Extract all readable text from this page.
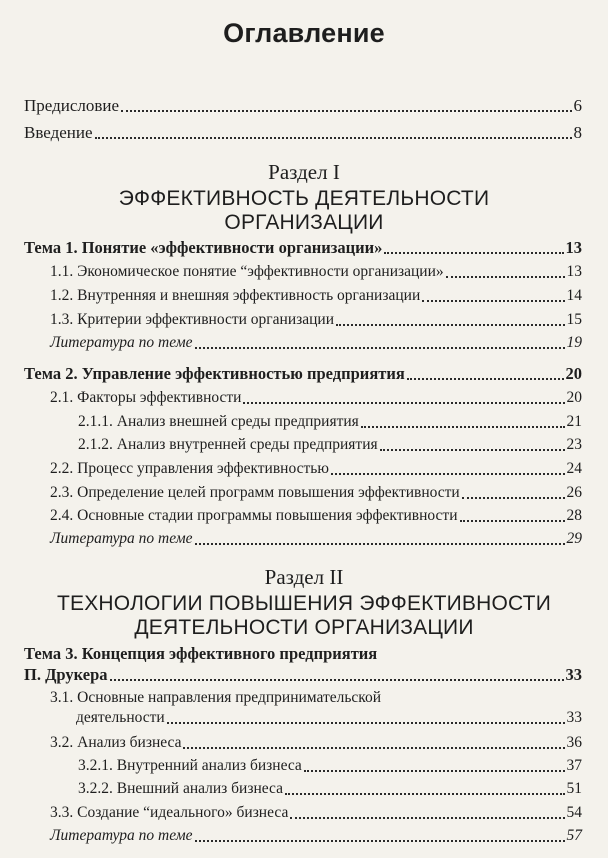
Оглавление
Предисловие	6
Введение	8
Раздел I
ЭФФЕКТИВНОСТЬ ДЕЯТЕЛЬНОСТИ
ОРГАНИЗАЦИИ
Тема 1. Понятие «эффективности организации»	13
1.1. Экономическое понятие “эффективности организации»	13
1.2. Внутренняя и внешняя эффективность организации	14
1.3. Критерии эффективности организации	15
Литература по теме	19
Тема 2. Управление эффективностью предприятия	20
2.1. Факторы эффективности	20
2.1.1. Анализ внешней среды предприятия	21
2.1.2. Анализ внутренней среды предприятия	23
2.2. Процесс управления эффективностью	24
2.3. Определение целей программ повышения эффективности	26
2.4. Основные стадии программы повышения эффективности	28
Литература по теме	29
Раздел II
ТЕХНОЛОГИИ ПОВЫШЕНИЯ ЭФФЕКТИВНОСТИ
ДЕЯТЕЛЬНОСТИ ОРГАНИЗАЦИИ
Тема 3. Концепция эффективного предприятия
П. Друкера	33
3.1. Основные направления предпринимательской
деятельности	33
3.2. Анализ бизнеса	36
3.2.1. Внутренний анализ бизнеса	37
3.2.2. Внешний анализ бизнеса	51
3.3. Создание “идеального» бизнеса	54
Литература по теме	57
